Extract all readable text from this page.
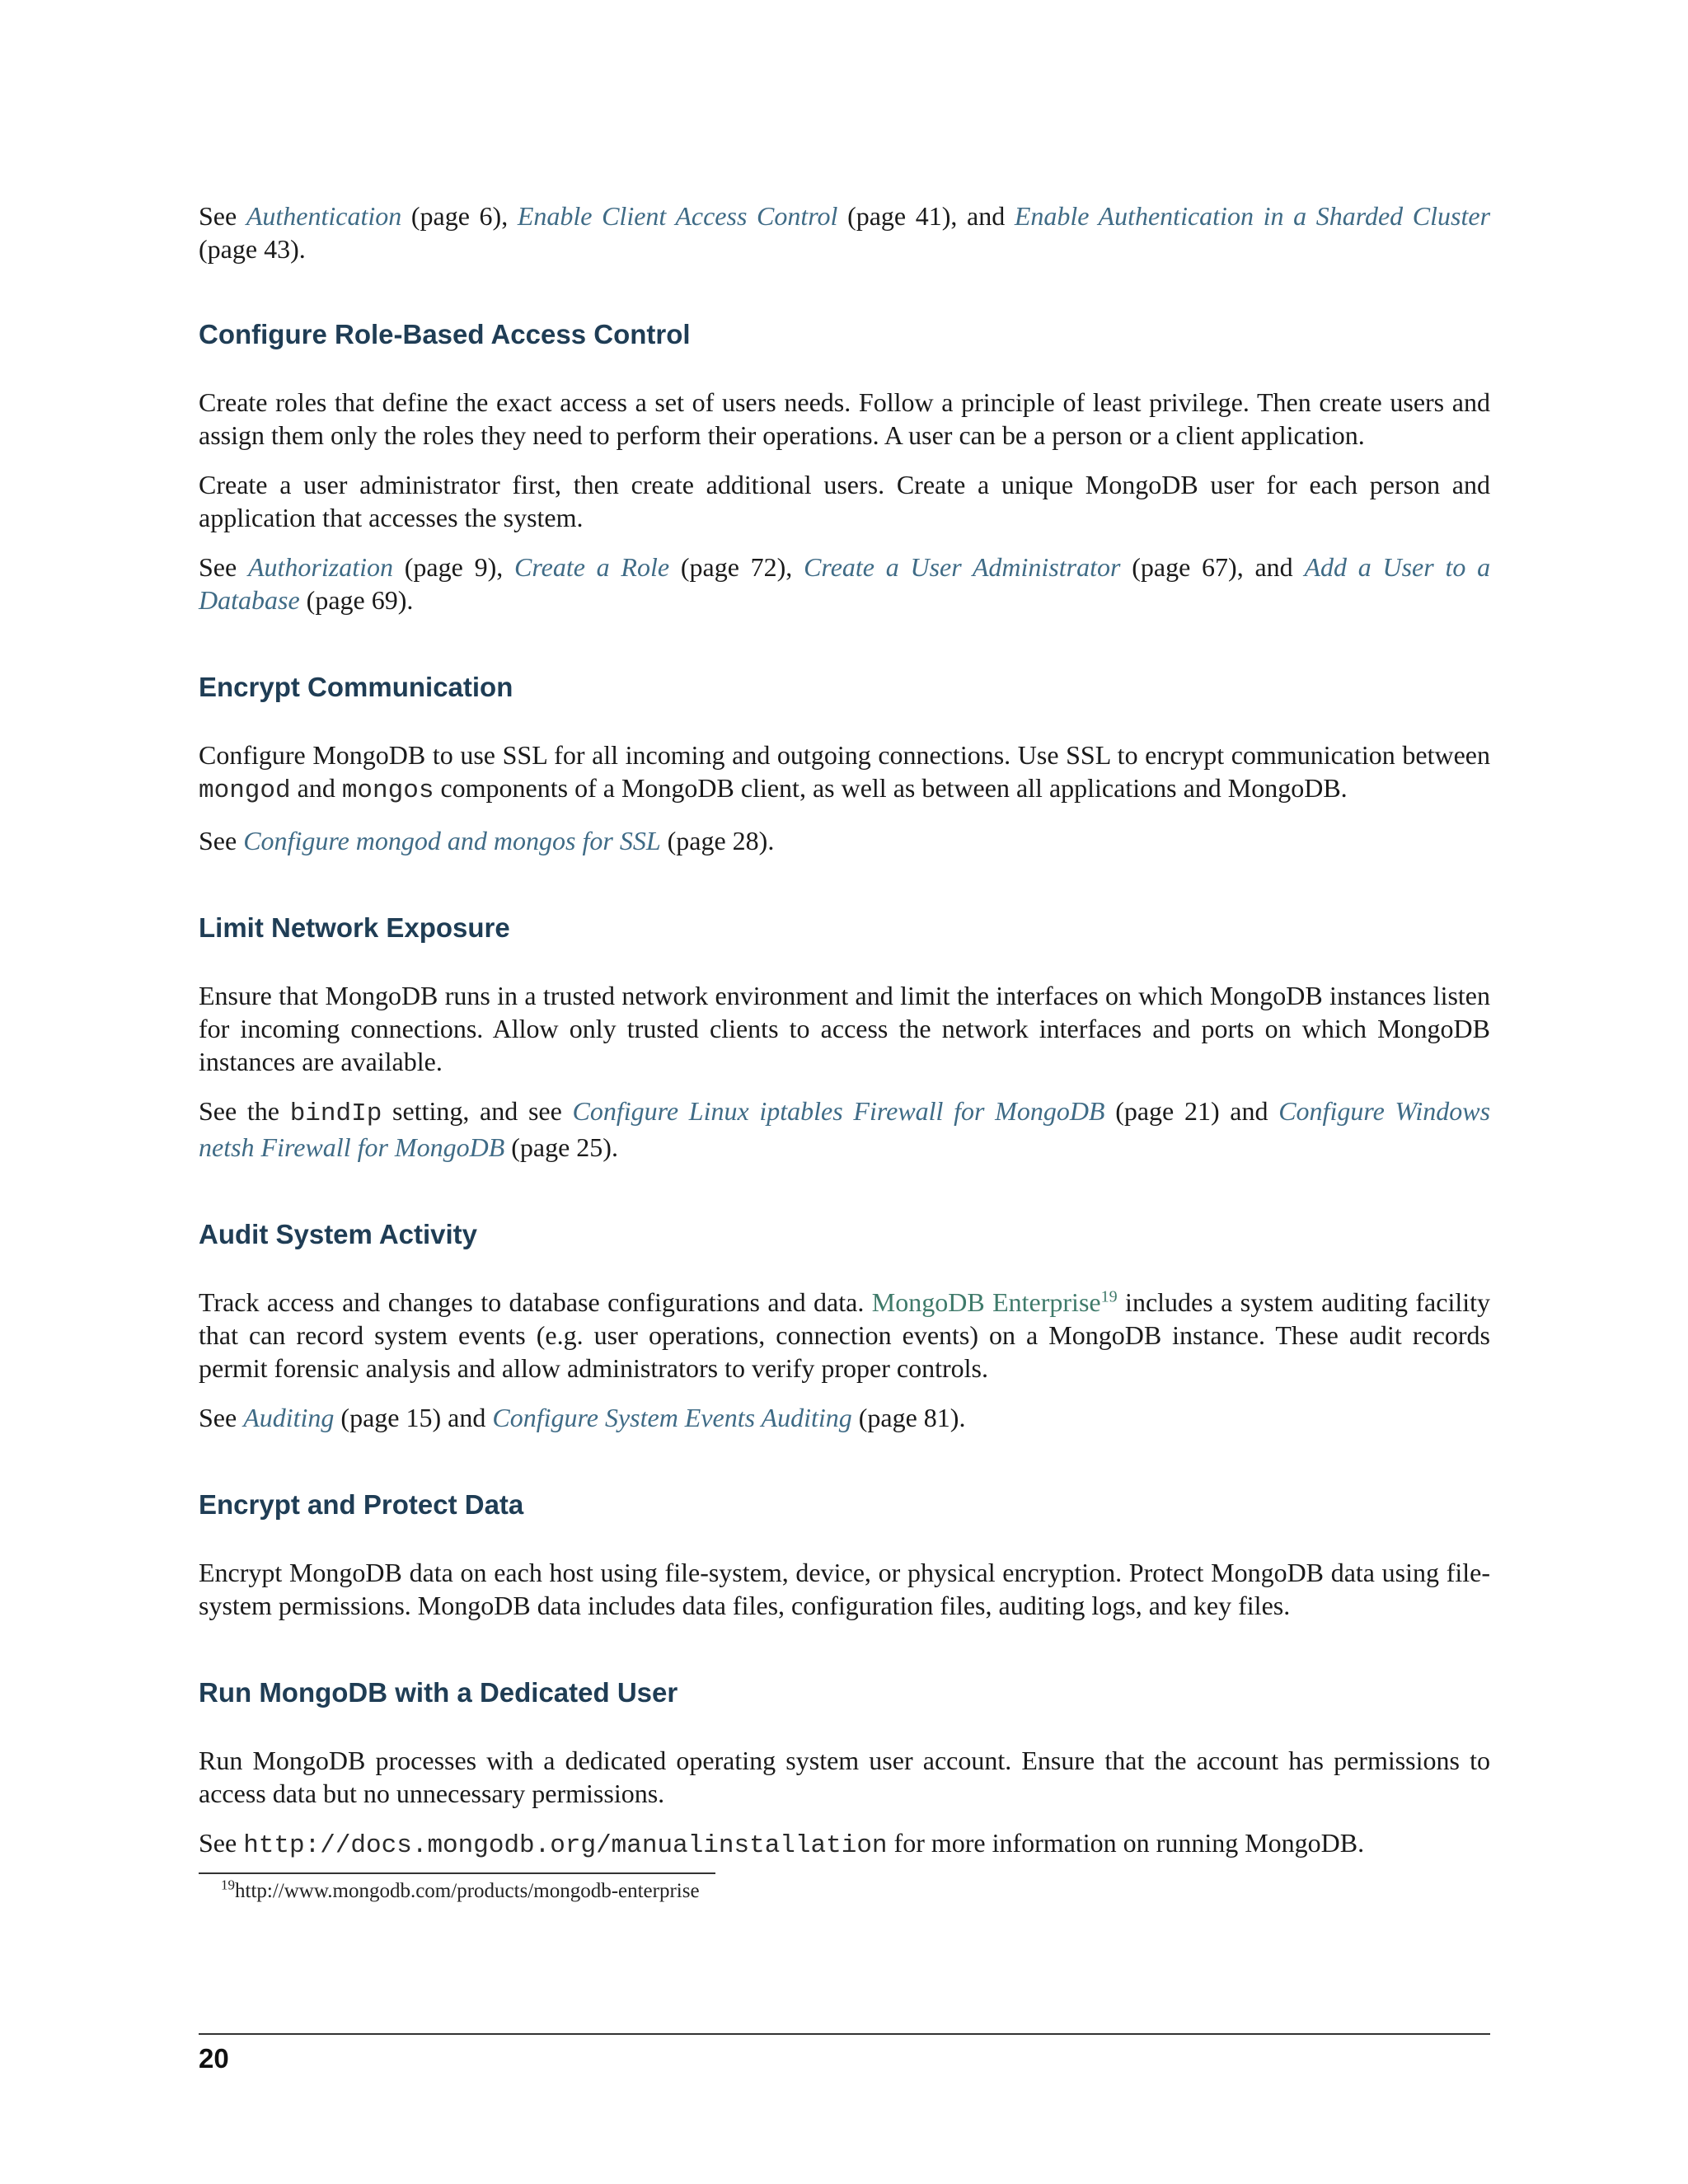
See Authentication (page 6), Enable Client Access Control (page 41), and Enable Authentication in a Sharded Cluster (page 43).

Configure Role-Based Access Control

Create roles that define the exact access a set of users needs. Follow a principle of least privilege. Then create users and assign them only the roles they need to perform their operations. A user can be a person or a client application.

Create a user administrator first, then create additional users. Create a unique MongoDB user for each person and application that accesses the system.

See Authorization (page 9), Create a Role (page 72), Create a User Administrator (page 67), and Add a User to a Database (page 69).

Encrypt Communication

Configure MongoDB to use SSL for all incoming and outgoing connections. Use SSL to encrypt communication between mongod and mongos components of a MongoDB client, as well as between all applications and MongoDB.

See Configure mongod and mongos for SSL (page 28).

Limit Network Exposure

Ensure that MongoDB runs in a trusted network environment and limit the interfaces on which MongoDB instances listen for incoming connections. Allow only trusted clients to access the network interfaces and ports on which MongoDB instances are available.

See the bindIp setting, and see Configure Linux iptables Firewall for MongoDB (page 21) and Configure Windows netsh Firewall for MongoDB (page 25).

Audit System Activity

Track access and changes to database configurations and data. MongoDB Enterprise$^{19}$ includes a system auditing facility that can record system events (e.g. user operations, connection events) on a MongoDB instance. These audit records permit forensic analysis and allow administrators to verify proper controls.

See Auditing (page 15) and Configure System Events Auditing (page 81).

Encrypt and Protect Data

Encrypt MongoDB data on each host using file-system, device, or physical encryption. Protect MongoDB data using file-system permissions. MongoDB data includes data files, configuration files, auditing logs, and key files.

Run MongoDB with a Dedicated User

Run MongoDB processes with a dedicated operating system user account. Ensure that the account has permissions to access data but no unnecessary permissions.

See http://docs.mongodb.org/manualinstallation for more information on running MongoDB.

$^{19}$http://www.mongodb.com/products/mongodb-enterprise
20
